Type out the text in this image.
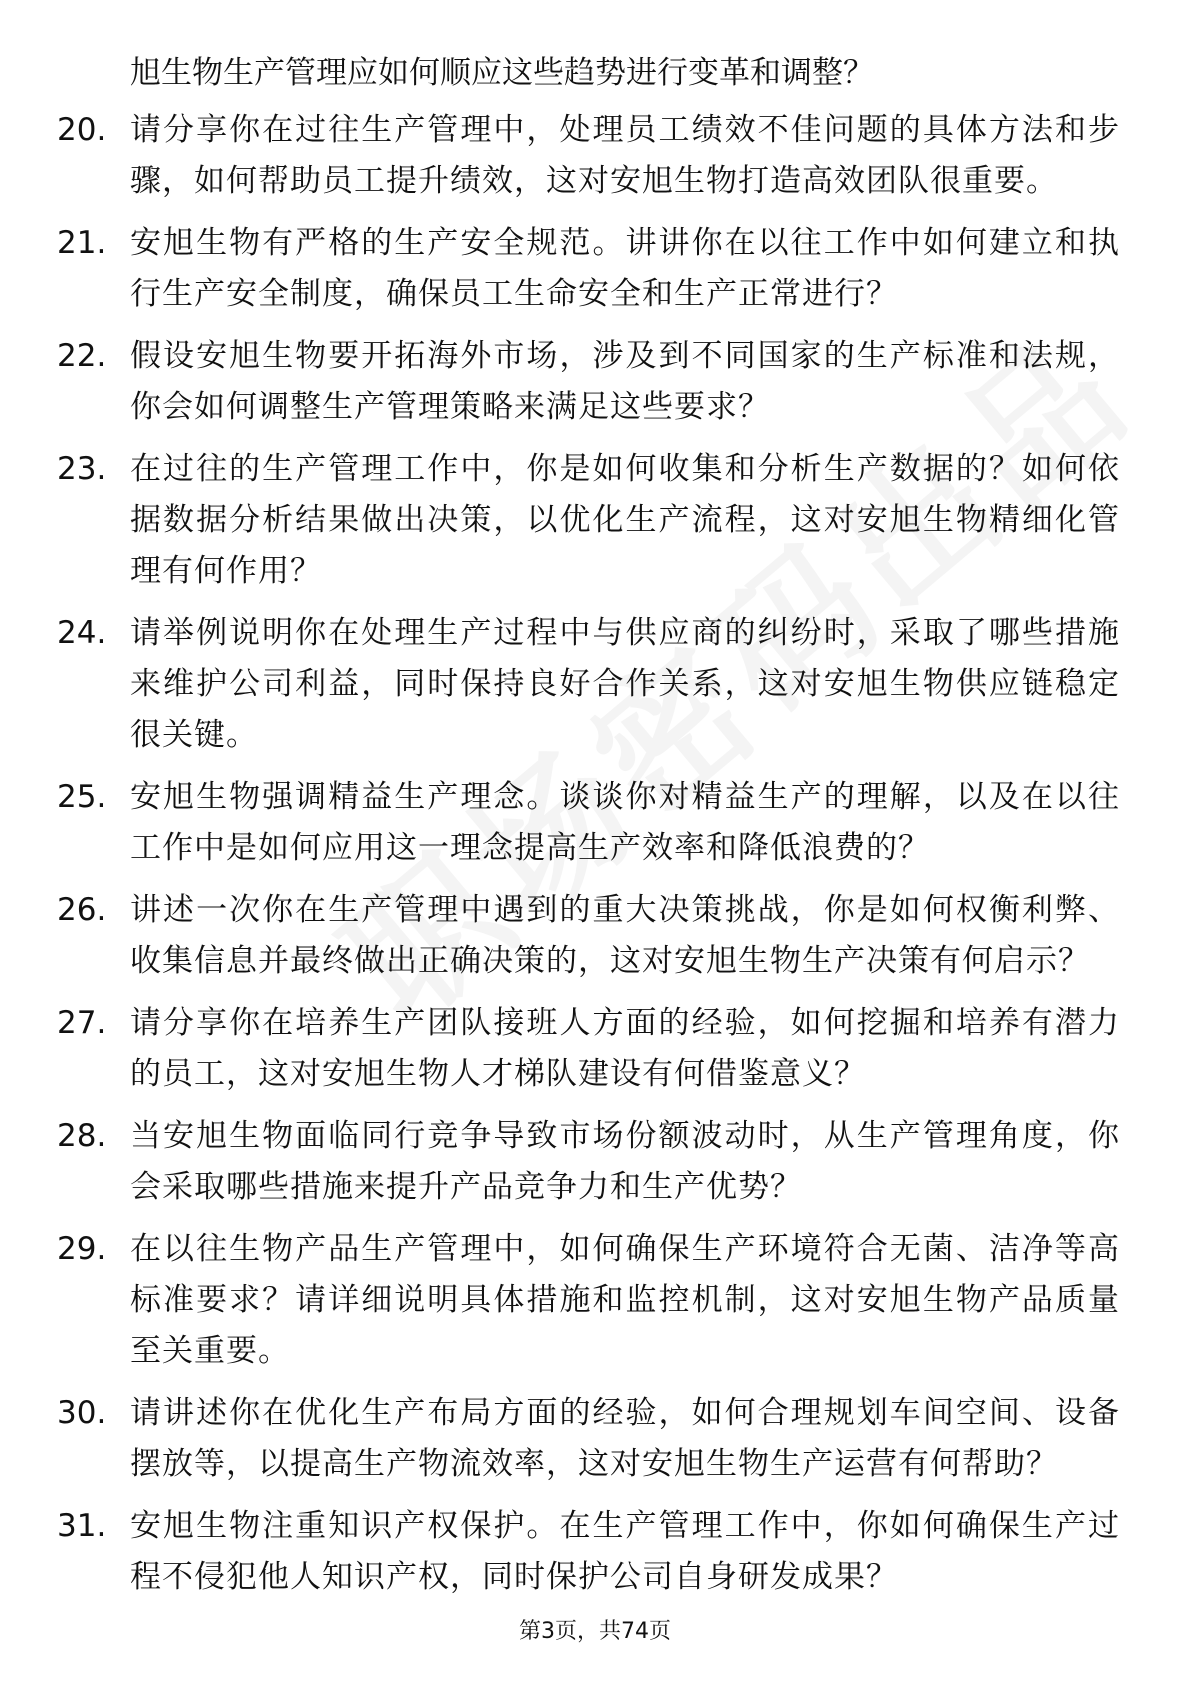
旭生物生产管理应如何顺应这些趋势进行变革和调整？
20. 请分享你在过往生产管理中，处理员工绩效不佳问题的具体方法和步骤，如何帮助员工提升绩效，这对安旭生物打造高效团队很重要。
21. 安旭生物有严格的生产安全规范。讲讲你在以往工作中如何建立和执行生产安全制度，确保员工生命安全和生产正常进行？
22. 假设安旭生物要开拓海外市场，涉及到不同国家的生产标准和法规，你会如何调整生产管理策略来满足这些要求？
23. 在过往的生产管理工作中，你是如何收集和分析生产数据的？如何依据数据分析结果做出决策，以优化生产流程，这对安旭生物精细化管理有何作用？
24. 请举例说明你在处理生产过程中与供应商的纠纷时，采取了哪些措施来维护公司利益，同时保持良好合作关系，这对安旭生物供应链稳定很关键。
25. 安旭生物强调精益生产理念。谈谈你对精益生产的理解，以及在以往工作中是如何应用这一理念提高生产效率和降低浪费的？
26. 讲述一次你在生产管理中遇到的重大决策挑战，你是如何权衡利弊、收集信息并最终做出正确决策的，这对安旭生物生产决策有何启示？
27. 请分享你在培养生产团队接班人方面的经验，如何挖掘和培养有潜力的员工，这对安旭生物人才梯队建设有何借鉴意义？
28. 当安旭生物面临同行竞争导致市场份额波动时，从生产管理角度，你会采取哪些措施来提升产品竞争力和生产优势？
29. 在以往生物产品生产管理中，如何确保生产环境符合无菌、洁净等高标准要求？请详细说明具体措施和监控机制，这对安旭生物产品质量至关重要。
30. 请讲述你在优化生产布局方面的经验，如何合理规划车间空间、设备摆放等，以提高生产物流效率，这对安旭生物生产运营有何帮助？
31. 安旭生物注重知识产权保护。在生产管理工作中，你如何确保生产过程不侵犯他人知识产权，同时保护公司自身研发成果？
第3页，共74页
